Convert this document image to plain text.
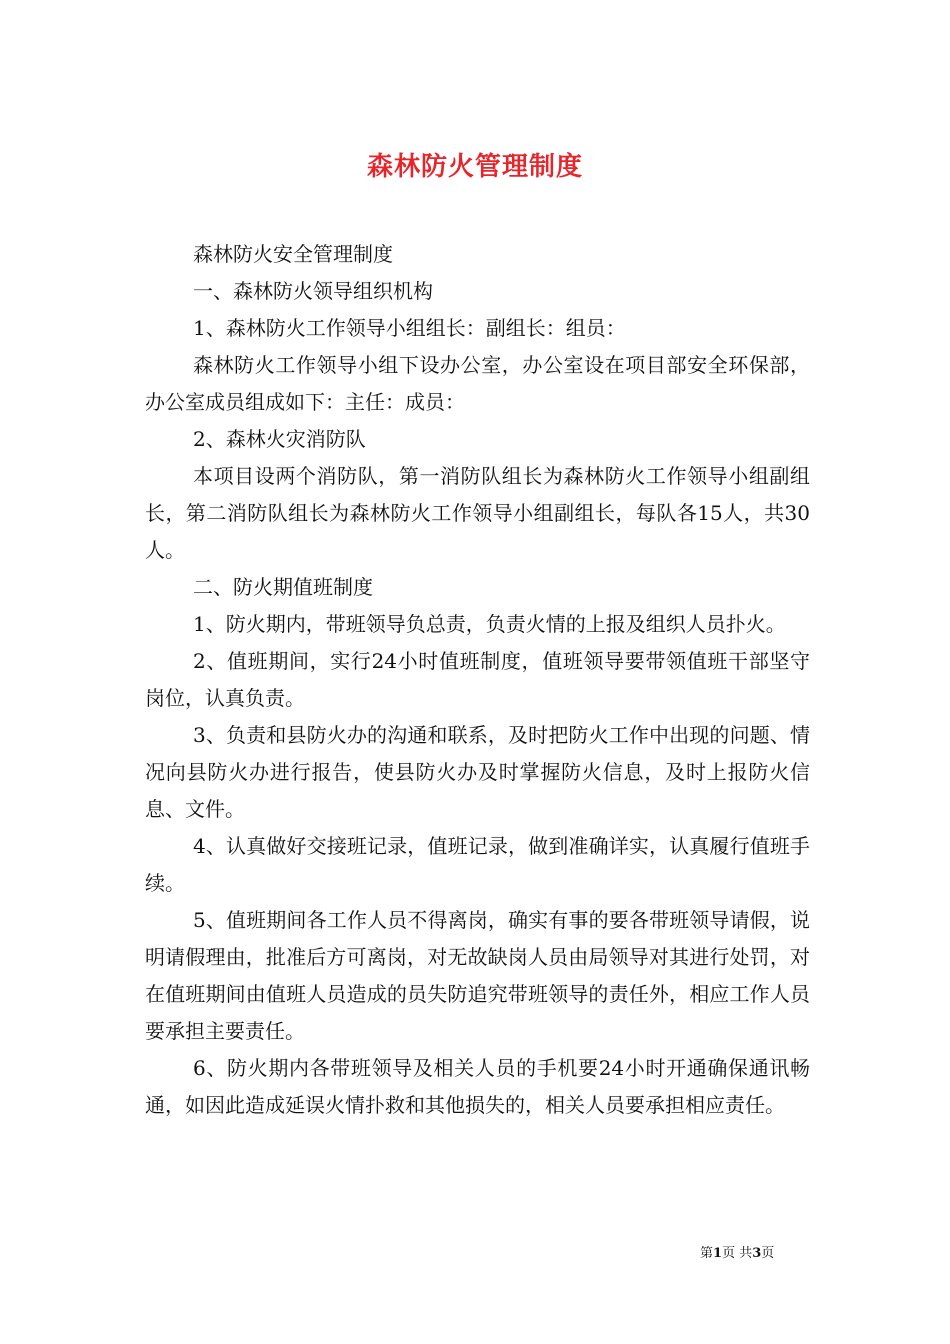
森林防火管理制度

森林防火安全管理制度

一、森林防火领导组织机构

1、森林防火工作领导小组组长：副组长：组员：

森林防火工作领导小组下设办公室，办公室设在项目部安全环保部，办公室成员组成如下：主任：成员：

2、森林火灾消防队

本项目设两个消防队，第一消防队组长为森林防火工作领导小组副组长，第二消防队组长为森林防火工作领导小组副组长，每队各15人，共30人。

二、防火期值班制度

1、防火期内，带班领导负总责，负责火情的上报及组织人员扑火。

2、值班期间，实行24小时值班制度，值班领导要带领值班干部坚守岗位，认真负责。

3、负责和县防火办的沟通和联系，及时把防火工作中出现的问题、情况向县防火办进行报告，使县防火办及时掌握防火信息，及时上报防火信息、文件。

4、认真做好交接班记录，值班记录，做到准确详实，认真履行值班手续。

5、值班期间各工作人员不得离岗，确实有事的要各带班领导请假，说明请假理由，批准后方可离岗，对无故缺岗人员由局领导对其进行处罚，对在值班期间由值班人员造成的员失防追究带班领导的责任外，相应工作人员要承担主要责任。

6、防火期内各带班领导及相关人员的手机要24小时开通确保通讯畅通，如因此造成延误火情扑救和其他损失的，相关人员要承担相应责任。

第1页 共3页
